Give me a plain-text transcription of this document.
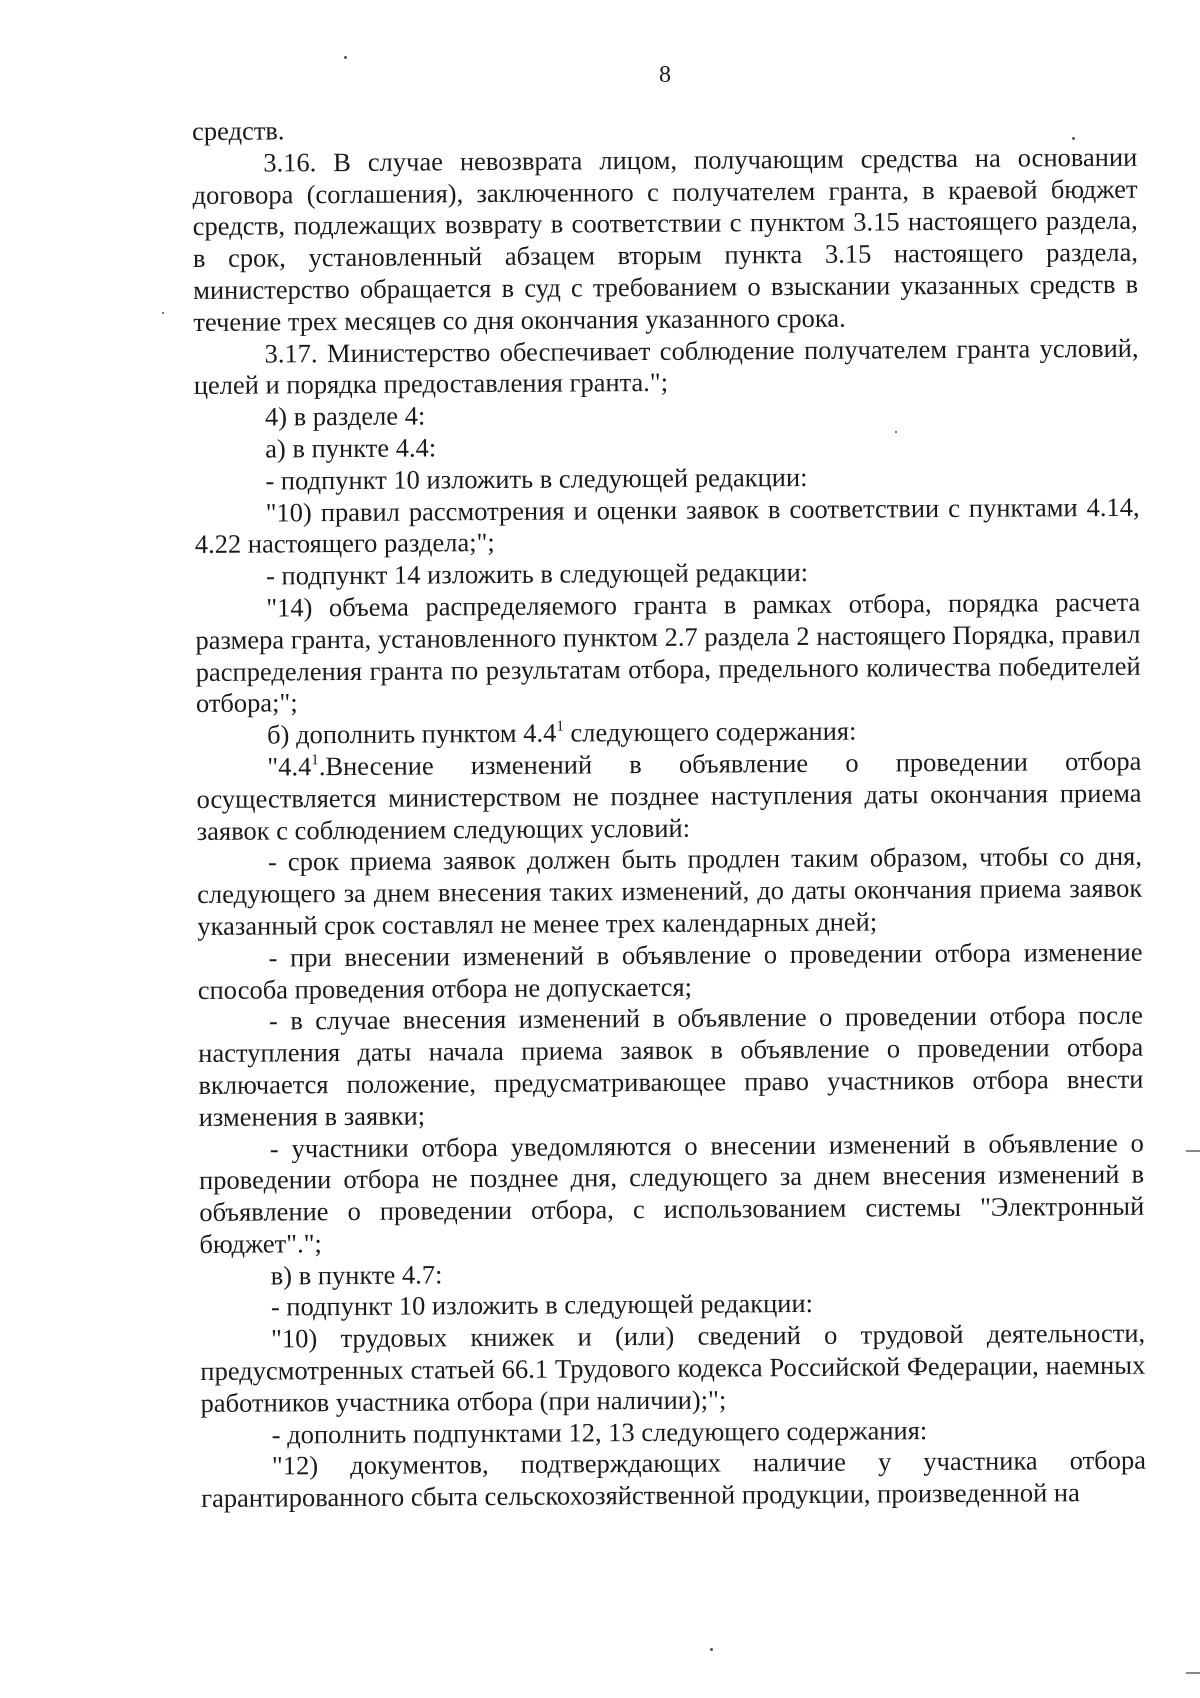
8

средств.

3.16. В случае невозврата лицом, получающим средства на основании договора (соглашения), заключенного с получателем гранта, в краевой бюджет средств, подлежащих возврату в соответствии с пунктом 3.15 настоящего раздела, в срок, установленный абзацем вторым пункта 3.15 настоящего раздела, министерство обращается в суд с требованием о взыскании указанных средств в течение трех месяцев со дня окончания указанного срока.

3.17. Министерство обеспечивает соблюдение получателем гранта условий, целей и порядка предоставления гранта.";

4) в разделе 4:

а) в пункте 4.4:

- подпункт 10 изложить в следующей редакции:

"10) правил рассмотрения и оценки заявок в соответствии с пунктами 4.14, 4.22 настоящего раздела;";

- подпункт 14 изложить в следующей редакции:

"14) объема распределяемого гранта в рамках отбора, порядка расчета размера гранта, установленного пунктом 2.7 раздела 2 настоящего Порядка, правил распределения гранта по результатам отбора, предельного количества победителей отбора;";

б) дополнить пунктом $4.4^1$ следующего содержания:

"$4.4^1.Внесение$ изменений в объявление о проведении отбора осуществляется министерством не позднее наступления даты окончания приема заявок с соблюдением следующих условий:

- срок приема заявок должен быть продлен таким образом, чтобы со дня, следующего за днем внесения таких изменений, до даты окончания приема заявок указанный срок составлял не менее трех календарных дней;

- при внесении изменений в объявление о проведении отбора изменение способа проведения отбора не допускается;

- в случае внесения изменений в объявление о проведении отбора после наступления даты начала приема заявок в объявление о проведении отбора включается положение, предусматривающее право участников отбора внести изменения в заявки;

- участники отбора уведомляются о внесении изменений в объявление о проведении отбора не позднее дня, следующего за днем внесения изменений в объявление о проведении отбора, с использованием системы "Электронный бюджет".";

в) в пункте 4.7:

- подпункт 10 изложить в следующей редакции:

"10) трудовых книжек и (или) сведений о трудовой деятельности, предусмотренных статьей 66.1 Трудового кодекса Российской Федерации, наемных работников участника отбора (при наличии);";

- дополнить подпунктами 12, 13 следующего содержания:

"12) документов, подтверждающих наличие у участника отбора гарантированного сбыта сельскохозяйственной продукции, произведенной на
